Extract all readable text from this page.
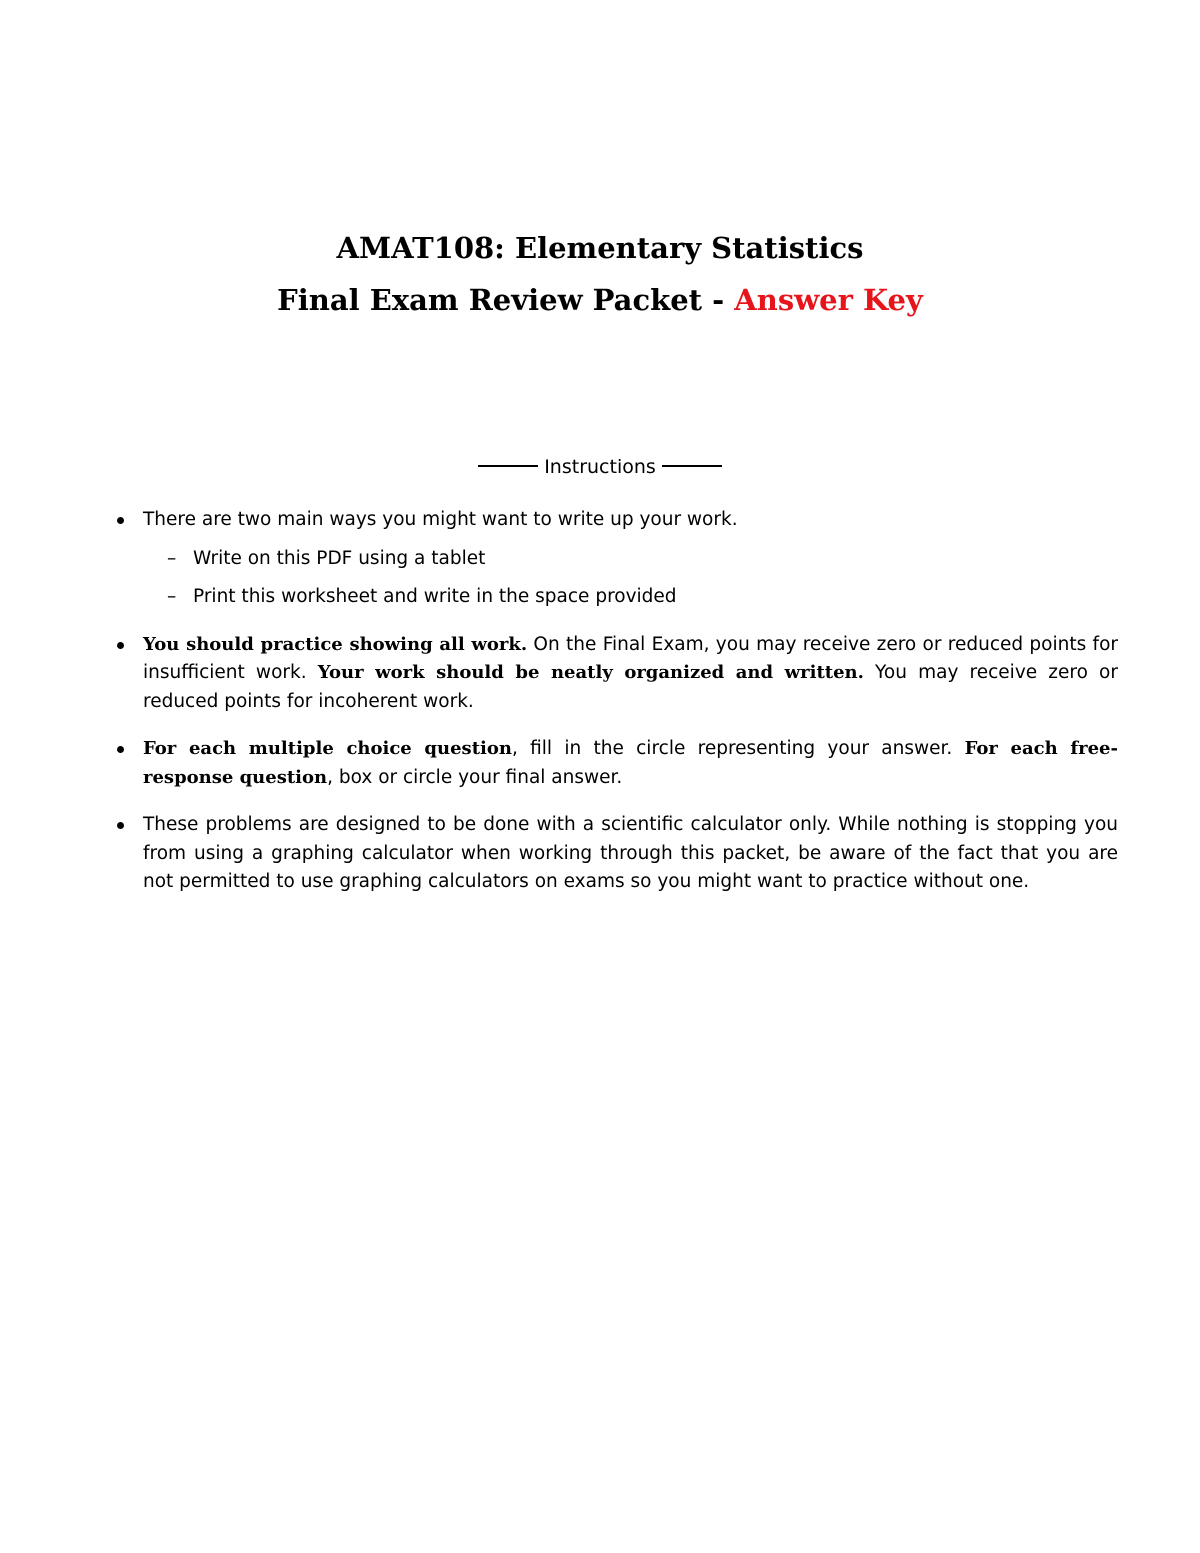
AMAT108: Elementary Statistics
Final Exam Review Packet - Answer Key
Instructions
There are two main ways you might want to write up your work.
– Write on this PDF using a tablet
– Print this worksheet and write in the space provided
You should practice showing all work. On the Final Exam, you may receive zero or reduced points for insufficient work. Your work should be neatly organized and written. You may receive zero or reduced points for incoherent work.
For each multiple choice question, fill in the circle representing your answer. For each free-response question, box or circle your final answer.
These problems are designed to be done with a scientific calculator only. While nothing is stopping you from using a graphing calculator when working through this packet, be aware of the fact that you are not permitted to use graphing calculators on exams so you might want to practice without one.
